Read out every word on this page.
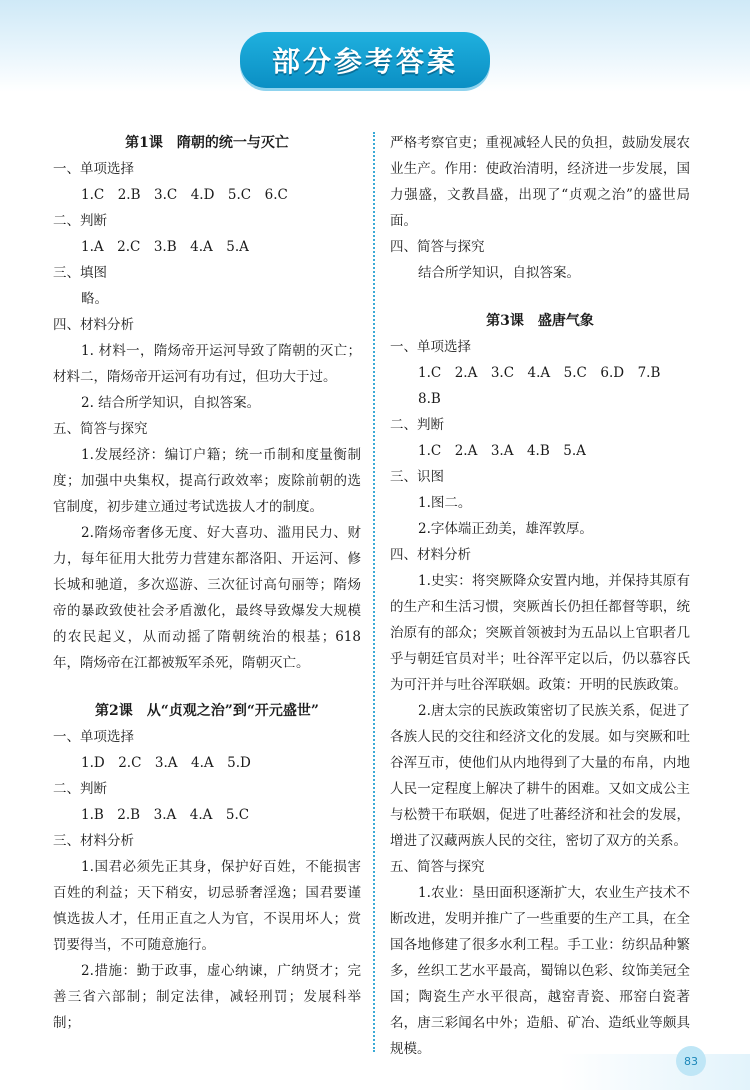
部分参考答案

第1课　隋朝的统一与灭亡

一、单项选择

1.C　2.B　3.C　4.D　5.C　6.C

二、判断

1.A　2.C　3.B　4.A　5.A

三、填图

略。

四、材料分析

1. 材料一，隋炀帝开运河导致了隋朝的灭亡；材料二，隋炀帝开运河有功有过，但功大于过。

2. 结合所学知识，自拟答案。

五、简答与探究

1.发展经济：编订户籍；统一币制和度量衡制度；加强中央集权，提高行政效率；废除前朝的选官制度，初步建立通过考试选拔人才的制度。

2.隋炀帝奢侈无度、好大喜功、滥用民力、财力，每年征用大批劳力营建东都洛阳、开运河、修长城和驰道，多次巡游、三次征讨高句丽等；隋炀帝的暴政致使社会矛盾激化，最终导致爆发大规模的农民起义，从而动摇了隋朝统治的根基；618年，隋炀帝在江都被叛军杀死，隋朝灭亡。

第2课　从“贞观之治”到“开元盛世”

一、单项选择

1.D　2.C　3.A　4.A　5.D

二、判断

1.B　2.B　3.A　4.A　5.C

三、材料分析

1.国君必须先正其身，保护好百姓，不能损害百姓的利益；天下稍安，切忌骄奢淫逸；国君要谨慎选拔人才，任用正直之人为官，不误用坏人；赏罚要得当，不可随意施行。

2.措施：勤于政事，虚心纳谏，广纳贤才；完善三省六部制；制定法律，减轻刑罚；发展科举制；

严格考察官吏；重视减轻人民的负担，鼓励发展农业生产。作用：使政治清明，经济进一步发展，国力强盛，文教昌盛，出现了“贞观之治”的盛世局面。

四、简答与探究

结合所学知识，自拟答案。

第3课　盛唐气象

一、单项选择

1.C　2.A　3.C　4.A　5.C　6.D　7.B　8.B

二、判断

1.C　2.A　3.A　4.B　5.A

三、识图

1.图二。

2.字体端正劲美，雄浑敦厚。

四、材料分析

1.史实：将突厥降众安置内地，并保持其原有的生产和生活习惯，突厥酋长仍担任都督等职，统治原有的部众；突厥首领被封为五品以上官职者几乎与朝廷官员对半；吐谷浑平定以后，仍以慕容氏为可汗并与吐谷浑联姻。政策：开明的民族政策。

2.唐太宗的民族政策密切了民族关系，促进了各族人民的交往和经济文化的发展。如与突厥和吐谷浑互市，使他们从内地得到了大量的布帛，内地人民一定程度上解决了耕牛的困难。又如文成公主与松赞干布联姻，促进了吐蕃经济和社会的发展，增进了汉藏两族人民的交往，密切了双方的关系。

五、简答与探究

1.农业：垦田面积逐渐扩大，农业生产技术不断改进，发明并推广了一些重要的生产工具，在全国各地修建了很多水利工程。手工业：纺织品种繁多，丝织工艺水平最高，蜀锦以色彩、纹饰美冠全国；陶瓷生产水平很高，越窑青瓷、邢窑白瓷著名，唐三彩闻名中外；造船、矿冶、造纸业等颇具规模。

83
